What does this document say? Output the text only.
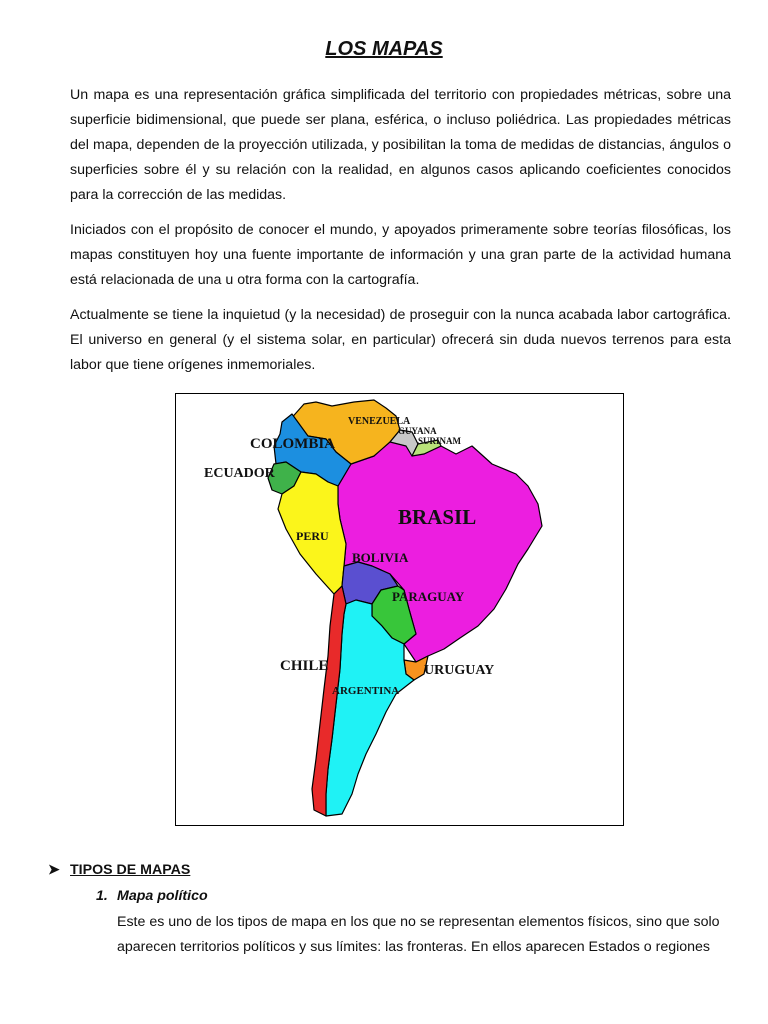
LOS MAPAS

Un mapa es una representación gráfica simplificada del territorio con propiedades métricas, sobre una superficie bidimensional, que puede ser plana, esférica, o incluso poliédrica. Las propiedades métricas del mapa, dependen de la proyección utilizada, y posibilitan la toma de medidas de distancias, ángulos o superficies sobre él y su relación con la realidad, en algunos casos aplicando coeficientes conocidos para la corrección de las medidas.

Iniciados con el propósito de conocer el mundo, y apoyados primeramente sobre teorías filosóficas, los mapas constituyen hoy una fuente importante de información y una gran parte de la actividad humana está relacionada de una u otra forma con la cartografía.

Actualmente se tiene la inquietud (y la necesidad) de proseguir con la nunca acabada labor cartográfica. El universo en general (y el sistema solar, en particular) ofrecerá sin duda nuevos terrenos para esta labor que tiene orígenes inmemoriales.

VENEZUELA
GUYANA
SURINAM
COLOMBIA
ECUADOR
BRASIL
PERU
BOLIVIA
PARAGUAY
CHILE
ARGENTINA
URUGUAY
➤ TIPOS DE MAPAS
1. Mapa político

Este es uno de los tipos de mapa en los que no se representan elementos físicos, sino que solo aparecen territorios políticos y sus límites: las fronteras. En ellos aparecen Estados o regiones
